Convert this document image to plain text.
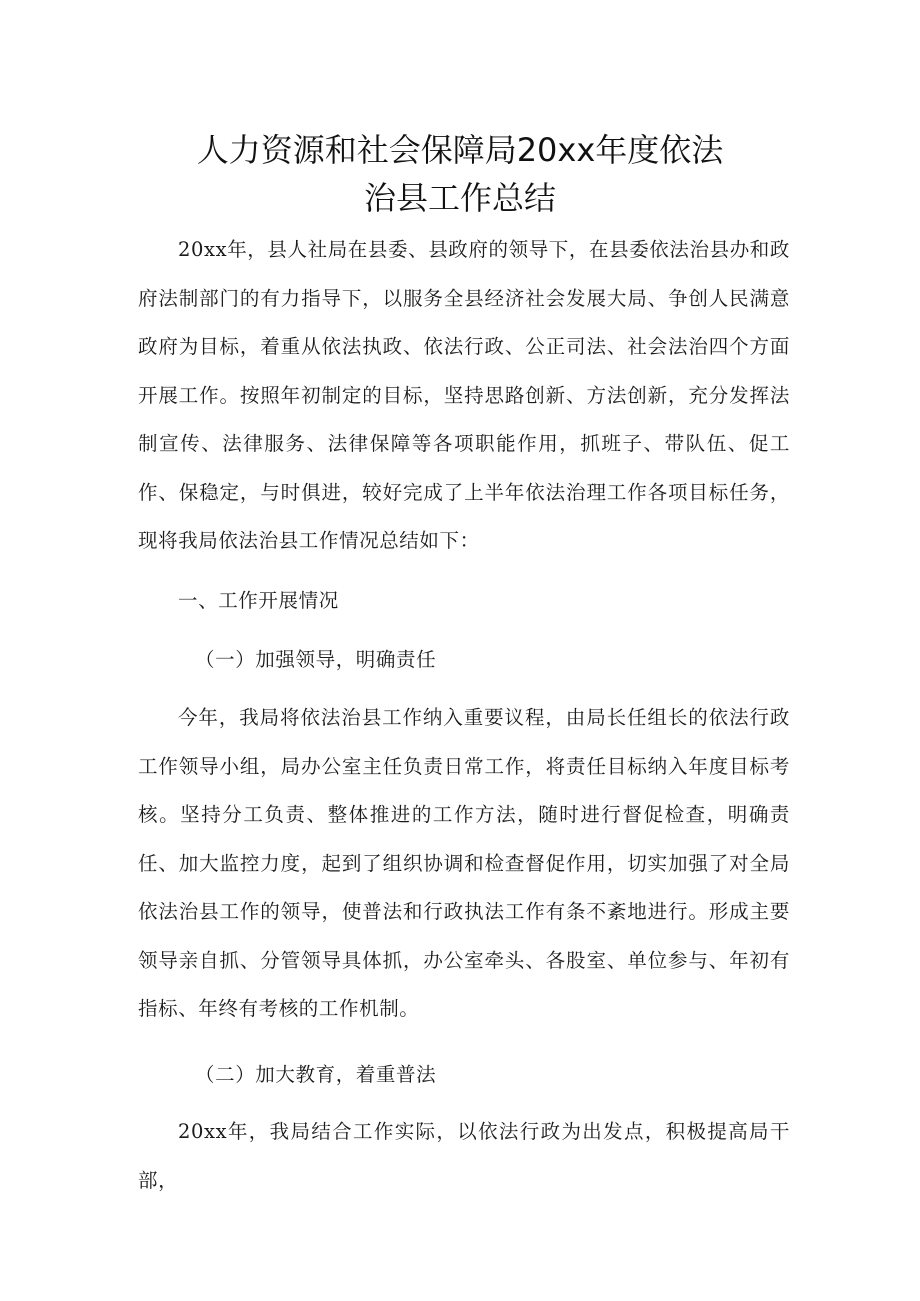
人力资源和社会保障局20xx年度依法
治县工作总结
20xx年，县人社局在县委、县政府的领导下，在县委依法治县办和政府法制部门的有力指导下，以服务全县经济社会发展大局、争创人民满意政府为目标，着重从依法执政、依法行政、公正司法、社会法治四个方面开展工作。按照年初制定的目标，坚持思路创新、方法创新，充分发挥法制宣传、法律服务、法律保障等各项职能作用，抓班子、带队伍、促工作、保稳定，与时俱进，较好完成了上半年依法治理工作各项目标任务，现将我局依法治县工作情况总结如下：
一、工作开展情况
（一）加强领导，明确责任
今年，我局将依法治县工作纳入重要议程，由局长任组长的依法行政工作领导小组，局办公室主任负责日常工作，将责任目标纳入年度目标考核。坚持分工负责、整体推进的工作方法，随时进行督促检查，明确责任、加大监控力度，起到了组织协调和检查督促作用，切实加强了对全局依法治县工作的领导，使普法和行政执法工作有条不紊地进行。形成主要领导亲自抓、分管领导具体抓，办公室牵头、各股室、单位参与、年初有指标、年终有考核的工作机制。
（二）加大教育，着重普法
20xx年，我局结合工作实际，以依法行政为出发点，积极提高局干部，
